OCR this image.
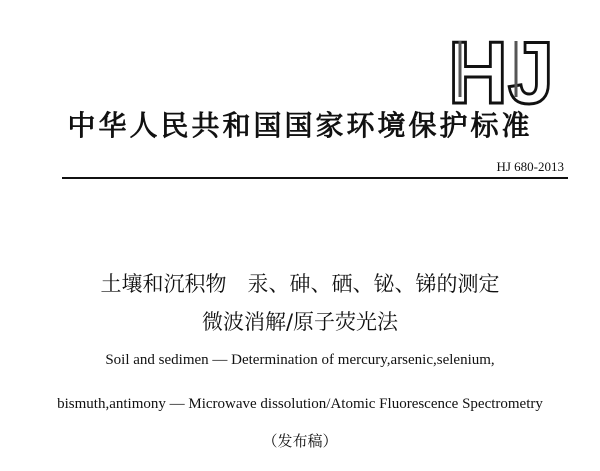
HJ
中华人民共和国国家环境保护标准
HJ 680-2013
土壤和沉积物　汞、砷、硒、铋、锑的测定
微波消解/原子荧光法
Soil and sedimen — Determination of mercury,arsenic,selenium,
bismuth,antimony — Microwave dissolution/Atomic Fluorescence Spectrometry
（发布稿）
